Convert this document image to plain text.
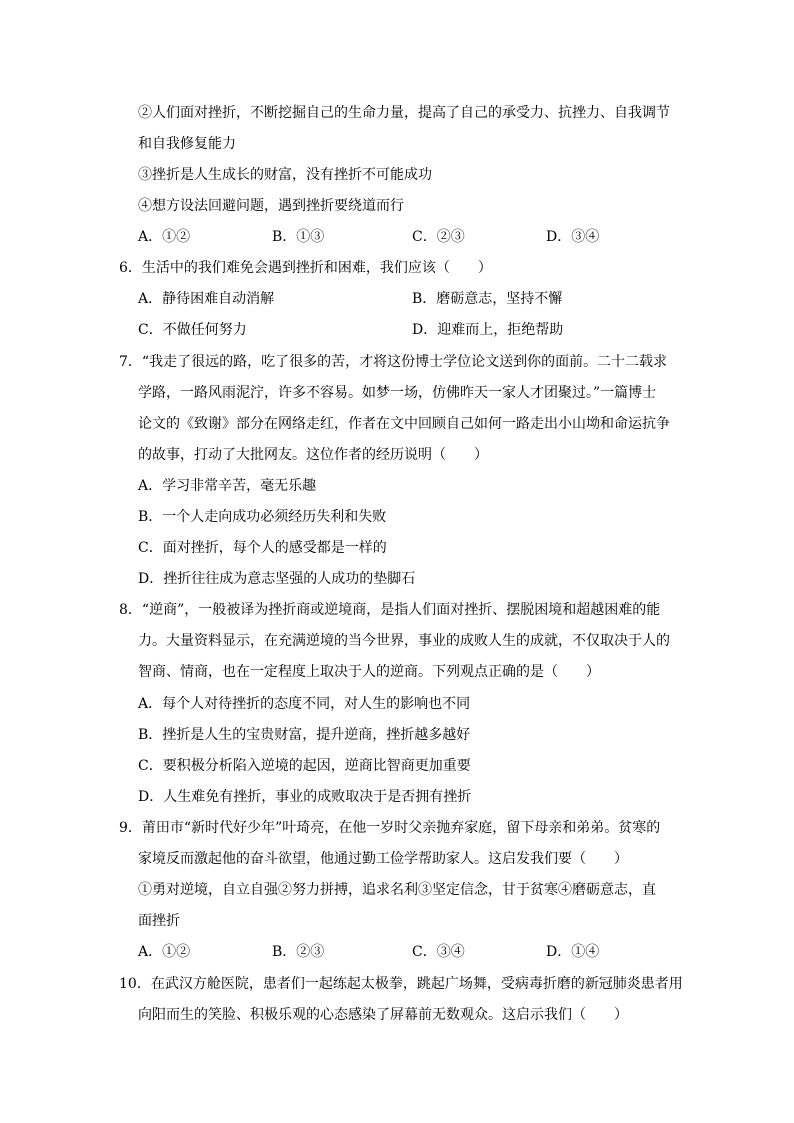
②人们面对挫折，不断挖掘自己的生命力量，提高了自己的承受力、抗挫力、自我调节
和自我修复能力
③挫折是人生成长的财富，没有挫折不可能成功
④想方设法回避问题，遇到挫折要绕道而行
A．①②	B．①③	C．②③	D．③④
6．生活中的我们难免会遇到挫折和困难，我们应该（　　）
A．静待困难自动消解	B．磨砺意志，坚持不懈
C．不做任何努力	D．迎难而上，拒绝帮助
7．“我走了很远的路，吃了很多的苦，才将这份博士学位论文送到你的面前。二十二载求
学路，一路风雨泥泞，许多不容易。如梦一场，仿佛昨天一家人才团聚过。”一篇博士
论文的《致谢》部分在网络走红，作者在文中回顾自己如何一路走出小山坳和命运抗争
的故事，打动了大批网友。这位作者的经历说明（　　）
A．学习非常辛苦，毫无乐趣
B．一个人走向成功必须经历失利和失败
C．面对挫折，每个人的感受都是一样的
D．挫折往往成为意志坚强的人成功的垫脚石
8．“逆商”，一般被译为挫折商或逆境商，是指人们面对挫折、摆脱困境和超越困难的能
力。大量资料显示，在充满逆境的当今世界，事业的成败人生的成就，不仅取决于人的
智商、情商，也在一定程度上取决于人的逆商。下列观点正确的是（　　）
A．每个人对待挫折的态度不同，对人生的影响也不同
B．挫折是人生的宝贵财富，提升逆商，挫折越多越好
C．要积极分析陷入逆境的起因，逆商比智商更加重要
D．人生难免有挫折，事业的成败取决于是否拥有挫折
9．莆田市“新时代好少年”叶琦亮，在他一岁时父亲抛弃家庭，留下母亲和弟弟。贫寒的
家境反而激起他的奋斗欲望，他通过勤工俭学帮助家人。这启发我们要（　　）
①勇对逆境，自立自强②努力拼搏，追求名利③坚定信念，甘于贫寒④磨砺意志，直
面挫折
A．①②	B．②③	C．③④	D．①④
10．在武汉方舱医院，患者们一起练起太极拳，跳起广场舞，受病毒折磨的新冠肺炎患者用
向阳而生的笑脸、积极乐观的心态感染了屏幕前无数观众。这启示我们（　　）
